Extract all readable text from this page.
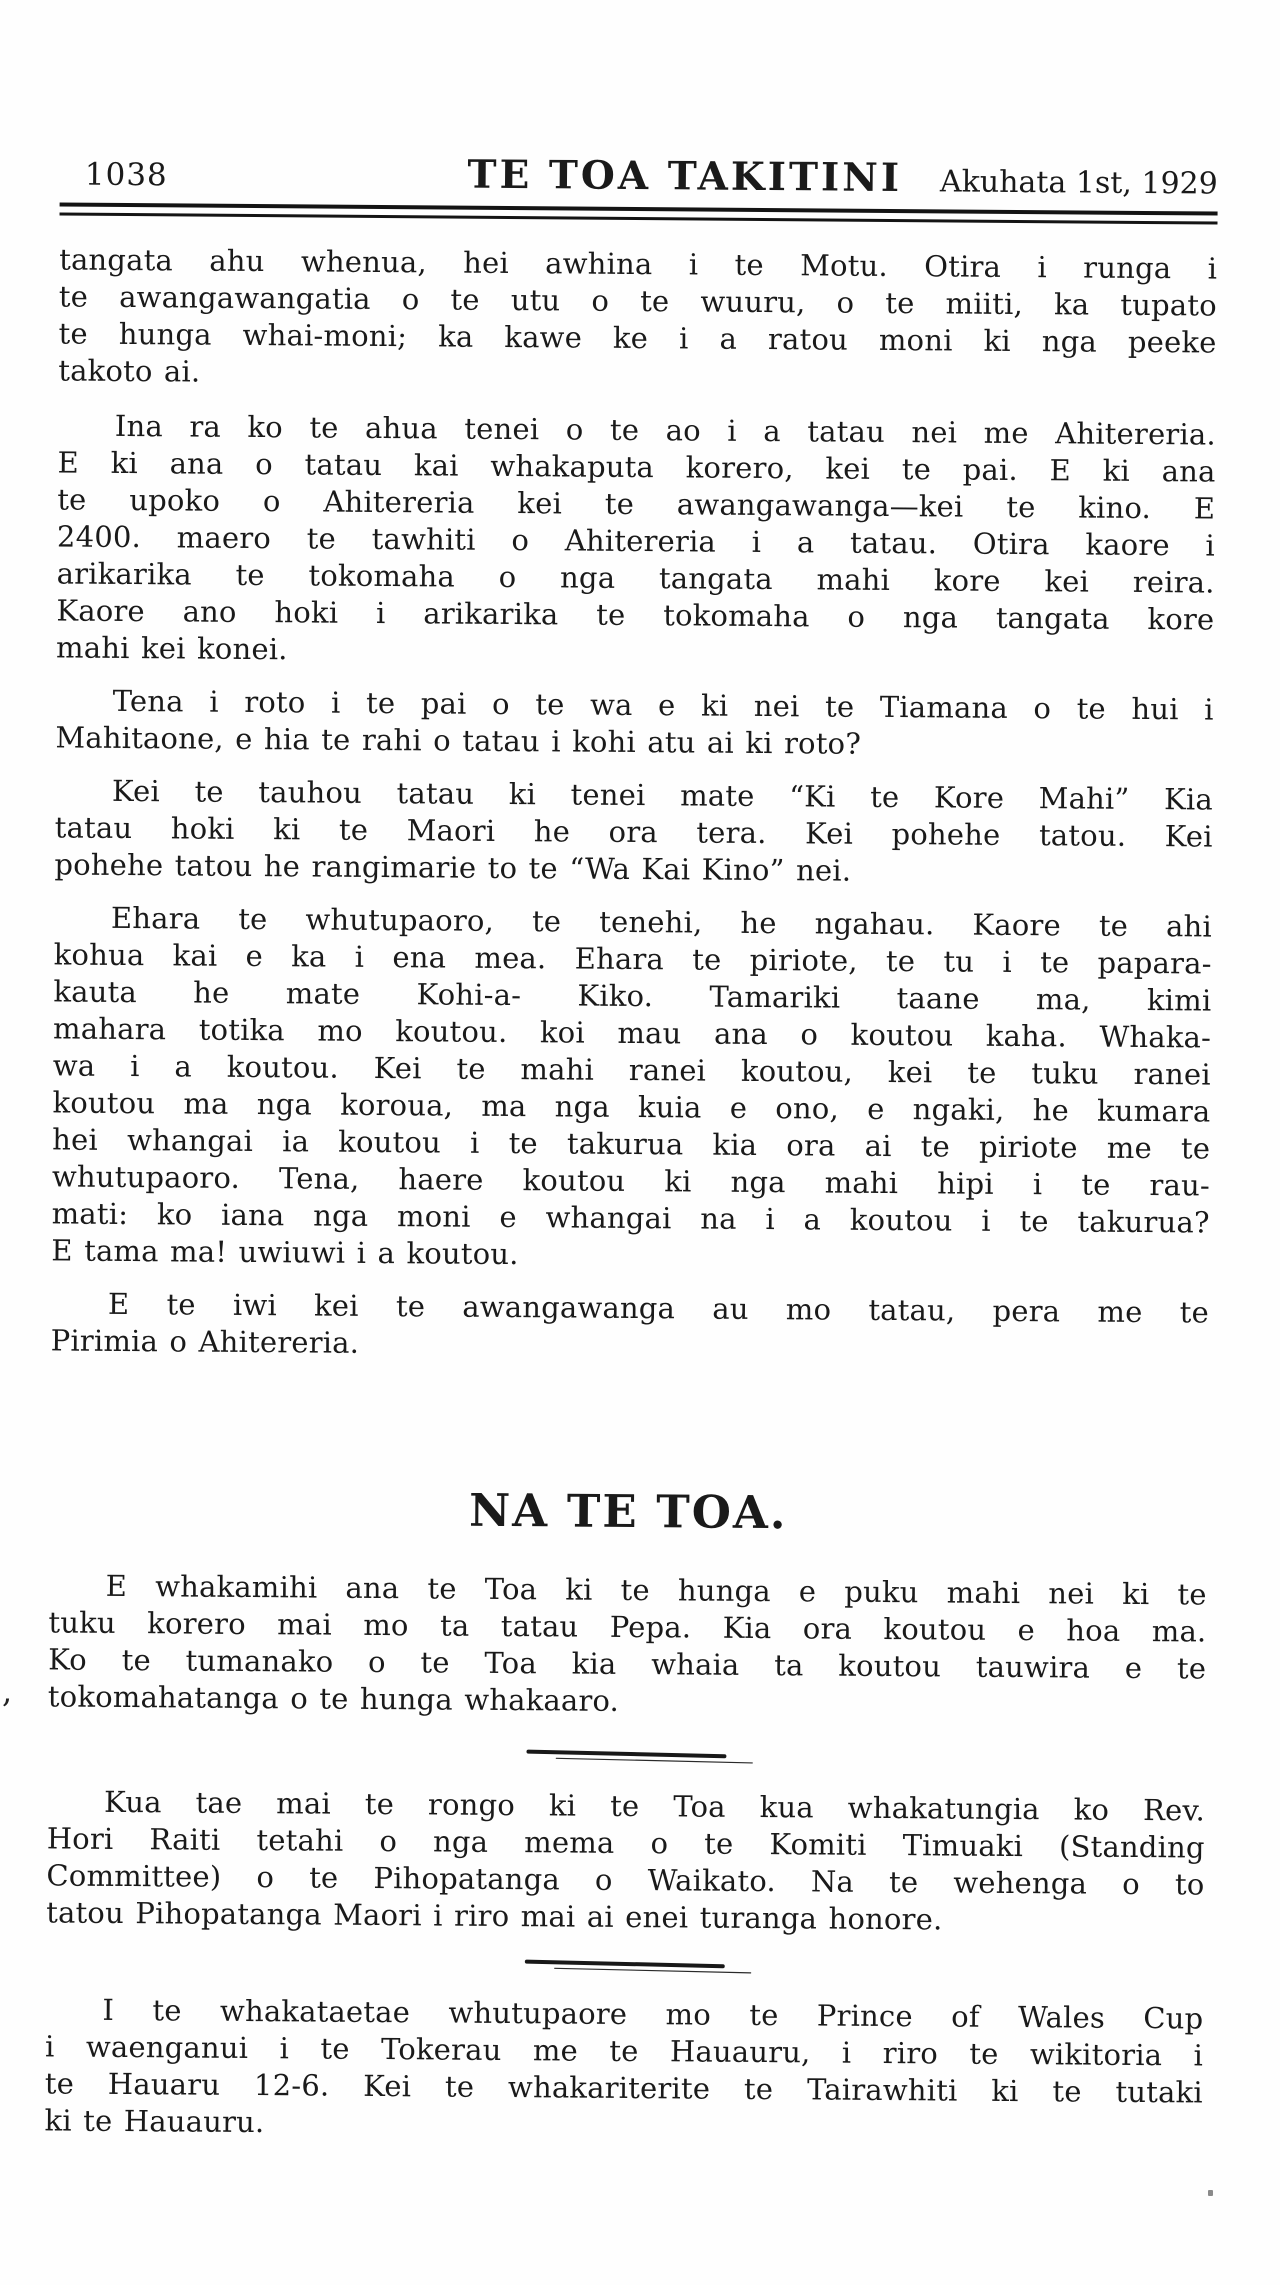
1038	TE TOA TAKITINI Akuhata 1st, 1929
tangata ahu whenua, hei awhina i te Motu. Otira i runga i
te awangawangatia o te utu o te wuuru, o te miiti, ka tupato
te hunga whai-moni; ka kawe ke i a ratou moni ki nga peeke
takoto ai.
Ina ra ko te ahua tenei o te ao i a tatau nei me Ahitereria.
E ki ana o tatau kai whakaputa korero, kei te pai. E ki ana
te upoko o Ahitereria kei te awangawanga—kei te kino. E
2400. maero te tawhiti o Ahitereria i a tatau. Otira kaore i
arikarika te tokomaha o nga tangata mahi kore kei reira.
Kaore ano hoki i arikarika te tokomaha o nga tangata kore
mahi kei konei.
Tena i roto i te pai o te wa e ki nei te Tiamana o te hui i
Mahitaone, e hia te rahi o tatau i kohi atu ai ki roto?
Kei te tauhou tatau ki tenei mate “Ki te Kore Mahi” Kia
tatau hoki ki te Maori he ora tera. Kei pohehe tatou. Kei
pohehe tatou he rangimarie to te “Wa Kai Kino” nei.
Ehara te whutupaoro, te tenehi, he ngahau. Kaore te ahi
kohua kai e ka i ena mea. Ehara te piriote, te tu i te papara-
kauta he mate Kohi-a- Kiko. Tamariki taane ma, kimi
mahara totika mo koutou. koi mau ana o koutou kaha. Whaka-
wa i a koutou. Kei te mahi ranei koutou, kei te tuku ranei
koutou ma nga koroua, ma nga kuia e ono, e ngaki, he kumara
hei whangai ia koutou i te takurua kia ora ai te piriote me te
whutupaoro. Tena, haere koutou ki nga mahi hipi i te rau-
mati: ko iana nga moni e whangai na i a koutou i te takurua?
E tama ma! uwiuwi i a koutou.
E te iwi kei te awangawanga au mo tatau, pera me te
Pirimia o Ahitereria.
NA TE TOA.
E whakamihi ana te Toa ki te hunga e puku mahi nei ki te
tuku korero mai mo ta tatau Pepa. Kia ora koutou e hoa ma.
Ko te tumanako o te Toa kia whaia ta koutou tauwira e te
tokomahatanga o te hunga whakaaro.
Kua tae mai te rongo ki te Toa kua whakatungia ko Rev.
Hori Raiti tetahi o nga mema o te Komiti Timuaki (Standing
Committee) o te Pihopatanga o Waikato. Na te wehenga o to
tatou Pihopatanga Maori i riro mai ai enei turanga honore.
I te whakataetae whutupaore mo te Prince of Wales Cup
i waenganui i te Tokerau me te Hauauru, i riro te wikitoria i
te Hauaru 12-6. Kei te whakariterite te Tairawhiti ki te tutaki
ki te Hauauru.
,
